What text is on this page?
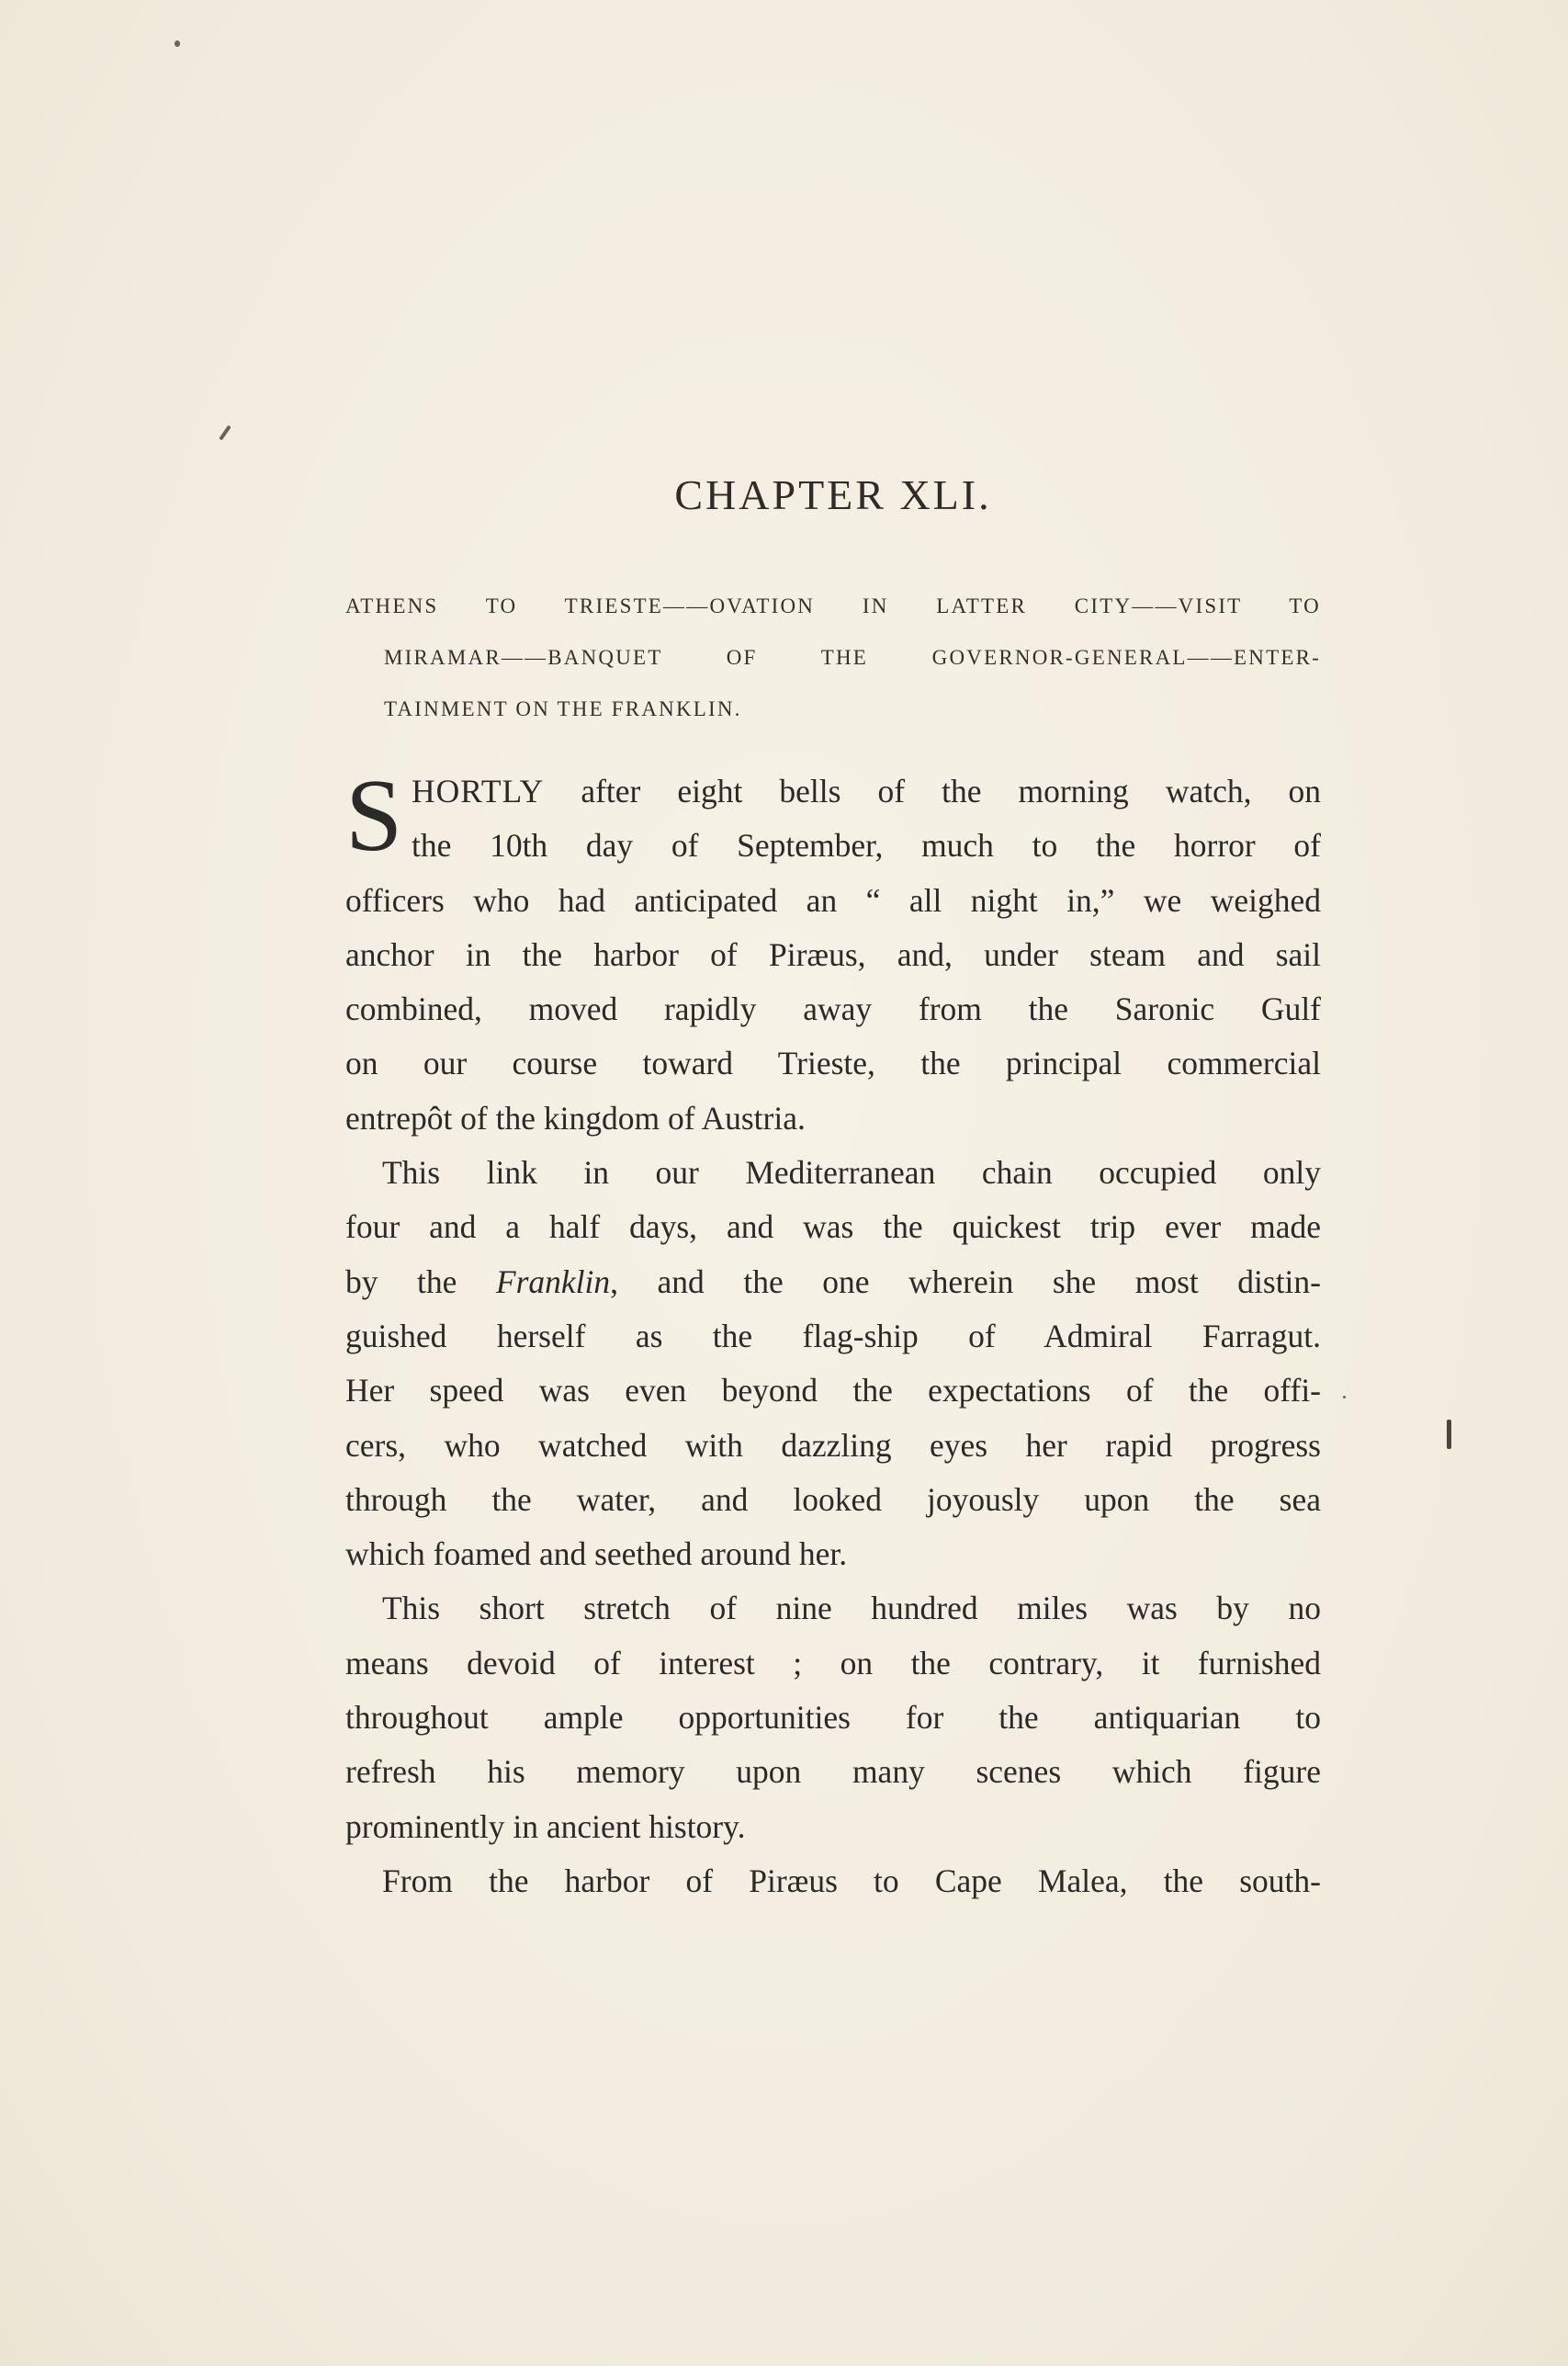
CHAPTER XLI.
ATHENS TO TRIESTE——OVATION IN LATTER CITY——VISIT TO
MIRAMAR——BANQUET OF THE GOVERNOR-GENERAL——ENTER-
TAINMENT ON THE FRANKLIN.
S HORTLY after eight bells of the morning watch, on
the 10th day of September, much to the horror of
officers who had anticipated an “ all night in,” we weighed
anchor in the harbor of Piræus, and, under steam and sail
combined, moved rapidly away from the Saronic Gulf
on our course toward Trieste, the principal commercial
entrepôt of the kingdom of Austria.
This link in our Mediterranean chain occupied only
four and a half days, and was the quickest trip ever made
by the Franklin, and the one wherein she most distin-
guished herself as the flag-ship of Admiral Farragut.
Her speed was even beyond the expectations of the offi-
cers, who watched with dazzling eyes her rapid progress
through the water, and looked joyously upon the sea
which foamed and seethed around her.
This short stretch of nine hundred miles was by no
means devoid of interest ; on the contrary, it furnished
throughout ample opportunities for the antiquarian to
refresh his memory upon many scenes which figure
prominently in ancient history.
From the harbor of Piræus to Cape Malea, the south-
